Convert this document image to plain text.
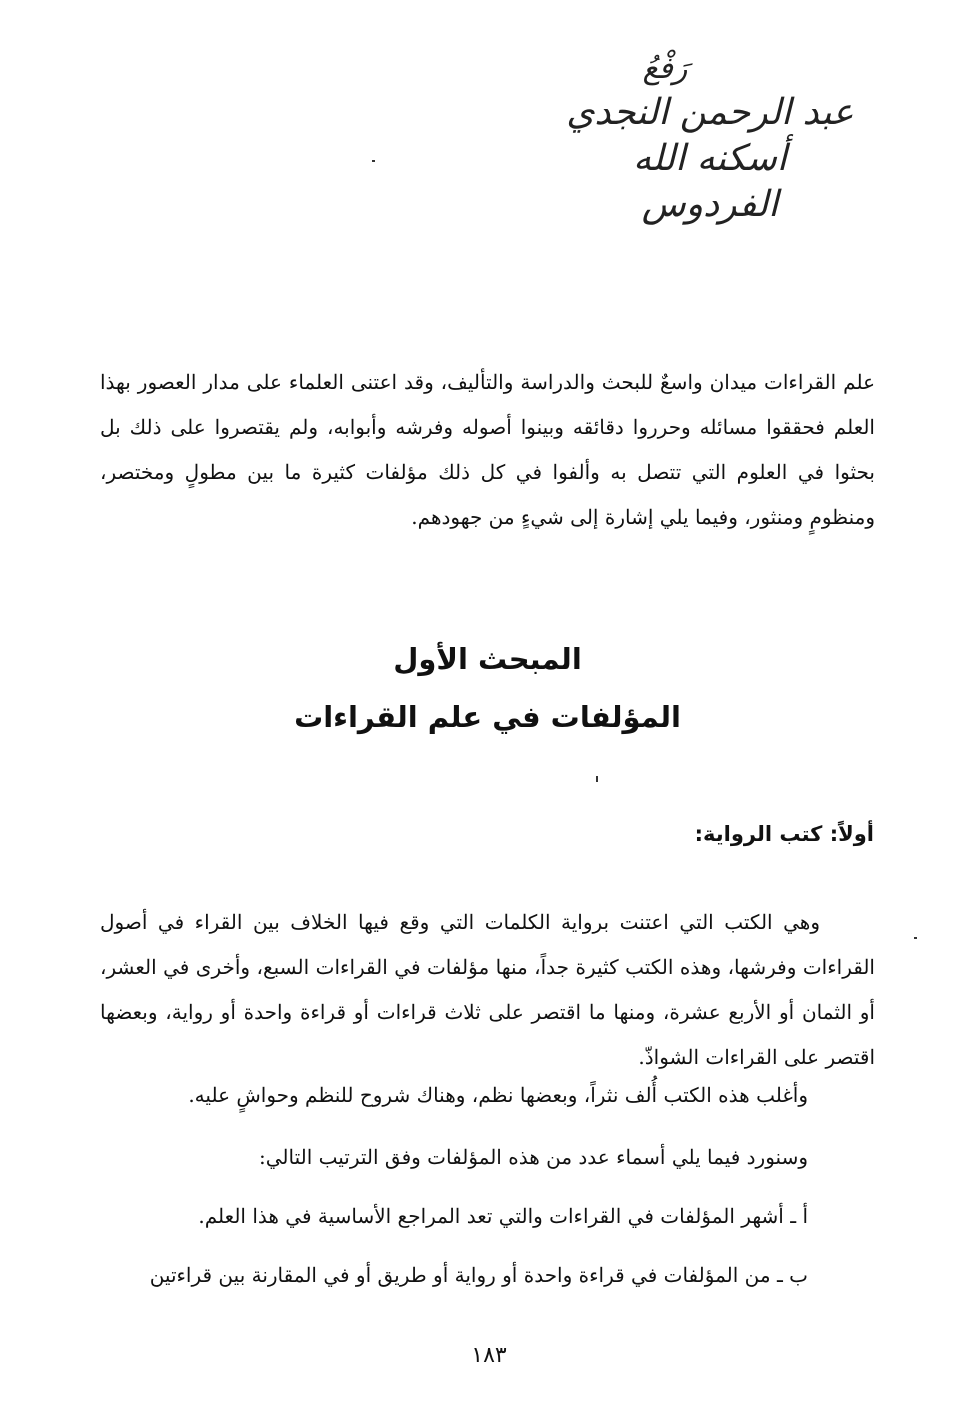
رَفْعُ
عبد الرحمن النجدي
أسكنه الله الفردوس

علم القراءات ميدان واسعٌ للبحث والدراسة والتأليف، وقد اعتنى العلماء على مدار العصور بهذا العلم فحققوا مسائله وحرروا دقائقه وبينوا أصوله وفرشه وأبوابه، ولم يقتصروا على ذلك بل بحثوا في العلوم التي تتصل به وألفوا في كل ذلك مؤلفات كثيرة ما بين مطولٍ ومختصر، ومنظومٍ ومنثور، وفيما يلي إشارة إلى شيءٍ من جهودهم.

المبحث الأول
المؤلفات في علم القراءات
أولاً: كتب الرواية:

وهي الكتب التي اعتنت برواية الكلمات التي وقع فيها الخلاف بين القراء في أصول القراءات وفرشها، وهذه الكتب كثيرة جداً، منها مؤلفات في القراءات السبع، وأخرى في العشر، أو الثمان أو الأربع عشرة، ومنها ما اقتصر على ثلاث قراءات أو قراءة واحدة أو رواية، وبعضها اقتصر على القراءات الشواذّ.

وأغلب هذه الكتب أُلف نثراً، وبعضها نظم، وهناك شروح للنظم وحواشٍ عليه.
وسنورد فيما يلي أسماء عدد من هذه المؤلفات وفق الترتيب التالي:
أ ـ أشهر المؤلفات في القراءات والتي تعد المراجع الأساسية في هذا العلم.
ب ـ من المؤلفات في قراءة واحدة أو رواية أو طريق أو في المقارنة بين قراءتين
١٨٣
